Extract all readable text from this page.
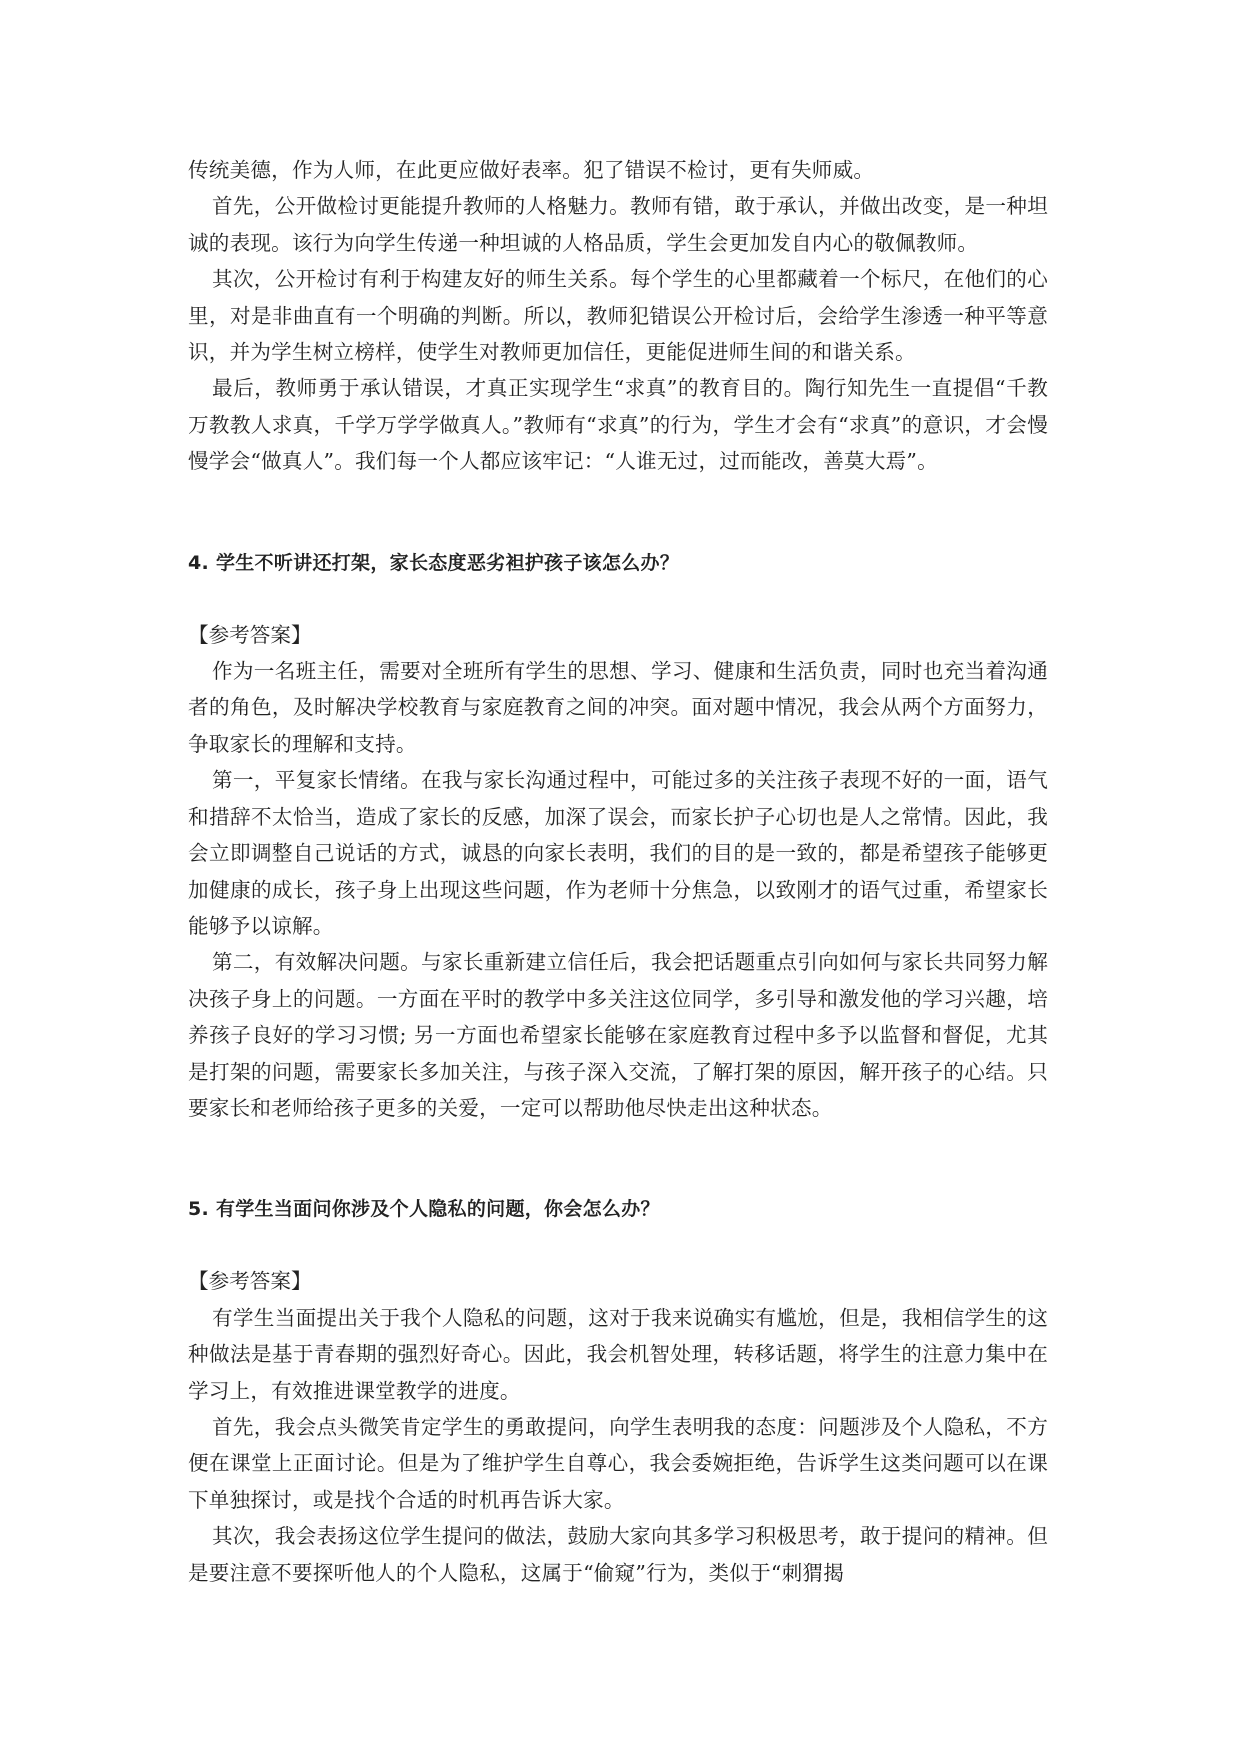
传统美德，作为人师，在此更应做好表率。犯了错误不检讨，更有失师威。

首先，公开做检讨更能提升教师的人格魅力。教师有错，敢于承认，并做出改变，是一种坦诚的表现。该行为向学生传递一种坦诚的人格品质，学生会更加发自内心的敬佩教师。

其次，公开检讨有利于构建友好的师生关系。每个学生的心里都藏着一个标尺，在他们的心里，对是非曲直有一个明确的判断。所以，教师犯错误公开检讨后，会给学生渗透一种平等意识，并为学生树立榜样，使学生对教师更加信任，更能促进师生间的和谐关系。

最后，教师勇于承认错误，才真正实现学生“求真”的教育目的。陶行知先生一直提倡“千教万教教人求真，千学万学学做真人。”教师有“求真”的行为，学生才会有“求真”的意识，才会慢慢学会“做真人”。我们每一个人都应该牢记：“人谁无过，过而能改，善莫大焉”。

4. 学生不听讲还打架，家长态度恶劣袒护孩子该怎么办？

【参考答案】

作为一名班主任，需要对全班所有学生的思想、学习、健康和生活负责，同时也充当着沟通者的角色，及时解决学校教育与家庭教育之间的冲突。面对题中情况，我会从两个方面努力，争取家长的理解和支持。

第一，平复家长情绪。在我与家长沟通过程中，可能过多的关注孩子表现不好的一面，语气和措辞不太恰当，造成了家长的反感，加深了误会，而家长护子心切也是人之常情。因此，我会立即调整自己说话的方式，诚恳的向家长表明，我们的目的是一致的，都是希望孩子能够更加健康的成长，孩子身上出现这些问题，作为老师十分焦急，以致刚才的语气过重，希望家长能够予以谅解。

第二，有效解决问题。与家长重新建立信任后，我会把话题重点引向如何与家长共同努力解决孩子身上的问题。一方面在平时的教学中多关注这位同学，多引导和激发他的学习兴趣，培养孩子良好的学习习惯; 另一方面也希望家长能够在家庭教育过程中多予以监督和督促，尤其是打架的问题，需要家长多加关注，与孩子深入交流，了解打架的原因，解开孩子的心结。只要家长和老师给孩子更多的关爱，一定可以帮助他尽快走出这种状态。

5. 有学生当面问你涉及个人隐私的问题，你会怎么办？

【参考答案】

有学生当面提出关于我个人隐私的问题，这对于我来说确实有尴尬，但是，我相信学生的这种做法是基于青春期的强烈好奇心。因此，我会机智处理，转移话题，将学生的注意力集中在学习上，有效推进课堂教学的进度。

首先，我会点头微笑肯定学生的勇敢提问，向学生表明我的态度：问题涉及个人隐私，不方便在课堂上正面讨论。但是为了维护学生自尊心，我会委婉拒绝，告诉学生这类问题可以在课下单独探讨，或是找个合适的时机再告诉大家。

其次，我会表扬这位学生提问的做法，鼓励大家向其多学习积极思考，敢于提问的精神。但是要注意不要探听他人的个人隐私，这属于“偷窥”行为，类似于“刺猬揭
